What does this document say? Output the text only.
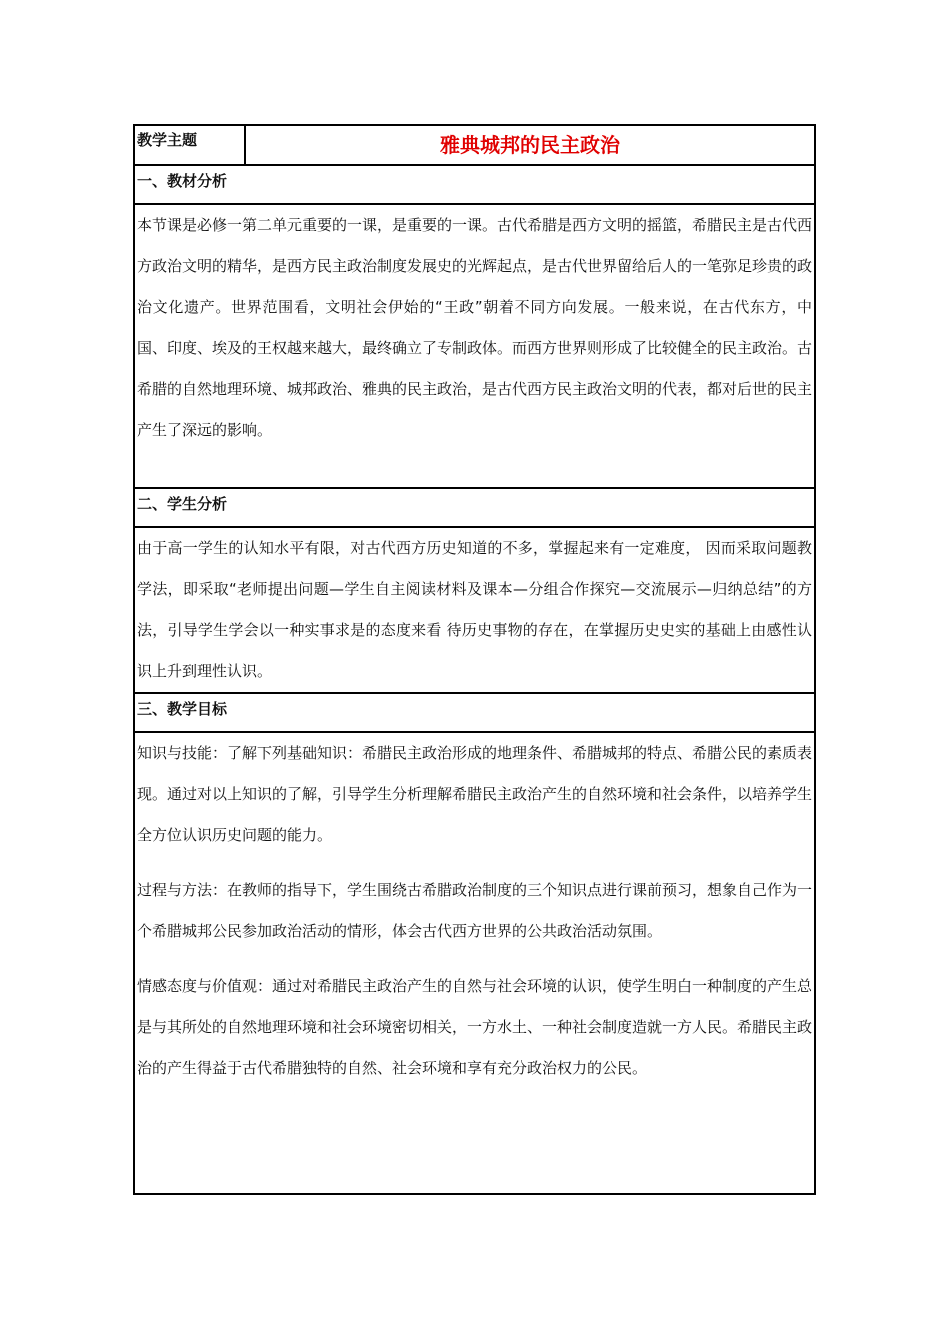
教学主题	雅典城邦的民主政治
一、教材分析

本节课是必修一第二单元重要的一课，是重要的一课。古代希腊是西方文明的摇篮，希腊民主是古代西方政治文明的精华，是西方民主政治制度发展史的光辉起点，是古代世界留给后人的一笔弥足珍贵的政治文化遗产。世界范围看，文明社会伊始的“王政”朝着不同方向发展。一般来说，在古代东方，中国、印度、埃及的王权越来越大，最终确立了专制政体。而西方世界则形成了比较健全的民主政治。古希腊的自然地理环境、城邦政治、雅典的民主政治，是古代西方民主政治文明的代表，都对后世的民主产生了深远的影响。

二、学生分析

由于高一学生的认知水平有限，对古代西方历史知道的不多，掌握起来有一定难度， 因而采取问题教学法，即采取“老师提出问题—学生自主阅读材料及课本—分组合作探究—交流展示—归纳总结”的方法，引导学生学会以一种实事求是的态度来看 待历史事物的存在，在掌握历史史实的基础上由感性认识上升到理性认识。

三、教学目标

知识与技能：了解下列基础知识：希腊民主政治形成的地理条件、希腊城邦的特点、希腊公民的素质表现。通过对以上知识的了解，引导学生分析理解希腊民主政治产生的自然环境和社会条件，以培养学生全方位认识历史问题的能力。

过程与方法：在教师的指导下，学生围绕古希腊政治制度的三个知识点进行课前预习，想象自己作为一个希腊城邦公民参加政治活动的情形，体会古代西方世界的公共政治活动氛围。

情感态度与价值观：通过对希腊民主政治产生的自然与社会环境的认识，使学生明白一种制度的产生总是与其所处的自然地理环境和社会环境密切相关，一方水土、一种社会制度造就一方人民。希腊民主政治的产生得益于古代希腊独特的自然、社会环境和享有充分政治权力的公民。
